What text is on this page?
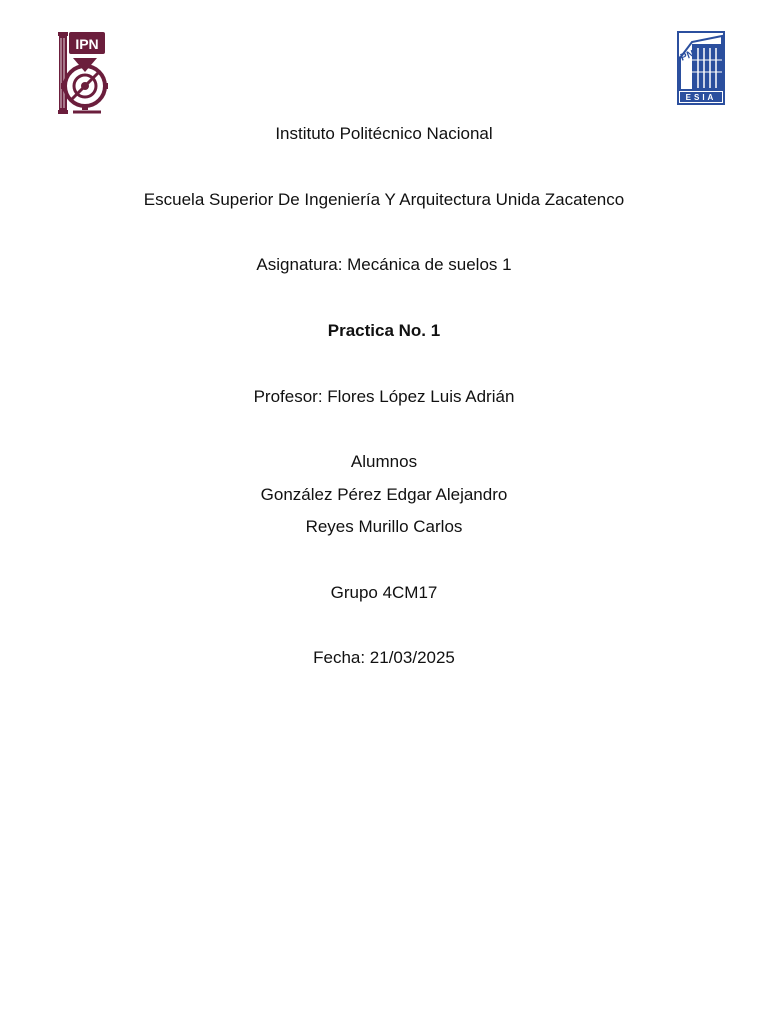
IPN
IPN
ESIA
Instituto Politécnico Nacional
Escuela Superior De Ingeniería Y Arquitectura Unida Zacatenco
Asignatura: Mecánica de suelos 1
Practica No. 1
Profesor: Flores López Luis Adrián
Alumnos
González Pérez Edgar Alejandro
Reyes Murillo Carlos
Grupo 4CM17
Fecha: 21/03/2025
